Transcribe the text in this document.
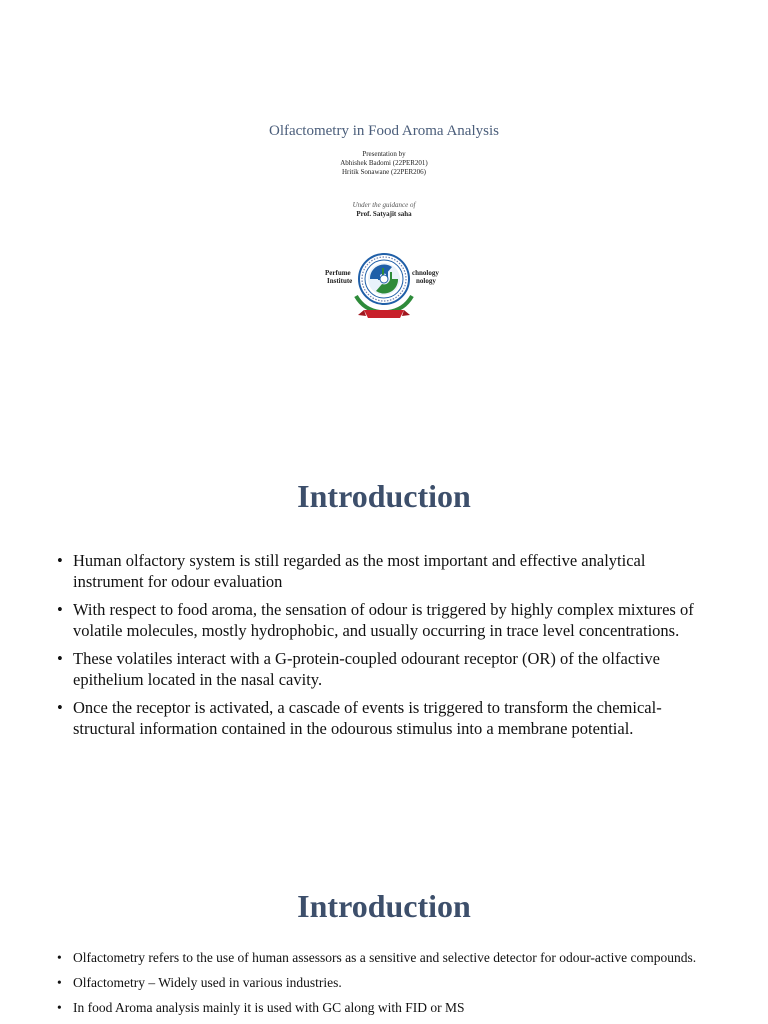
Olfactometry in Food Aroma Analysis
Presentation by
Abhishek Badomi (22PER201)
Hritik Sonawane (22PER206)
Under the guidance of
Prof. Satyajit saha
Perfume
Institute
chnology
nology
Introduction
• Human olfactory system is still regarded as the most important and effective analytical instrument for odour evaluation
• With respect to food aroma, the sensation of odour is triggered by highly complex mixtures of volatile molecules, mostly hydrophobic, and usually occurring in trace level concentrations.
• These volatiles interact with a G-protein-coupled odourant receptor (OR) of the olfactive epithelium located in the nasal cavity.
• Once the receptor is activated, a cascade of events is triggered to transform the chemical-structural information contained in the odourous stimulus into a membrane potential.
Introduction
• Olfactometry refers to the use of human assessors as a sensitive and selective detector for odour-active compounds.
• Olfactometry – Widely used in various industries.
• In food Aroma analysis mainly it is used with GC along with FID or MS
